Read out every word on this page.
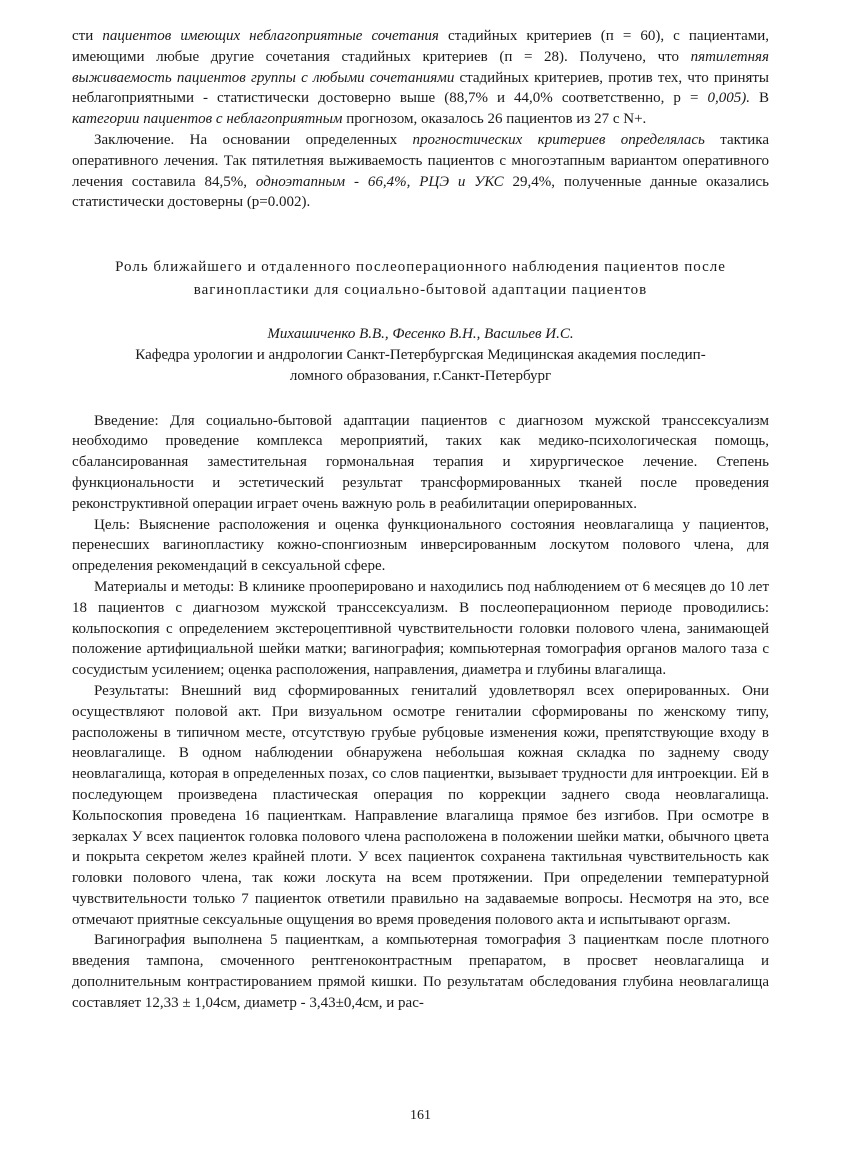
сти пациентов имеющих неблагоприятные сочетания стадийных критериев (п = 60), с пациентами, имеющими любые другие сочетания стадийных критериев (п = 28). Получено, что пятилетняя выживаемость пациентов группы с любыми сочетаниями стадийных критериев, против тех, что приняты неблагоприятными - статистически достоверно выше (88,7% и 44,0% соответственно, р = 0,005). В категории пациентов с неблагоприятным прогнозом, оказалось 26 пациентов из 27 с N+.

Заключение. На основании определенных прогностических критериев определялась тактика оперативного лечения. Так пятилетняя выживаемость пациентов с многоэтапным вариантом оперативного лечения составила 84,5%, одноэтапным - 66,4%, РЦЭ и УКС 29,4%, полученные данные оказались статистически достоверны (р=0.002).

Роль ближайшего и отдаленного послеоперационного наблюдения пациентов после
вагинопластики для социально-бытовой адаптации пациентов
Михашиченко В.В., Фесенко В.Н., Васильев И.С.
Кафедра урологии и андрологии Санкт-Петербургская Медицинская академия последип-
ломного образования, г.Санкт-Петербург

Введение: Для социально-бытовой адаптации пациентов с диагнозом мужской транссексуализм необходимо проведение комплекса мероприятий, таких как медико-психологическая помощь, сбалансированная заместительная гормональная терапия и хирургическое лечение. Степень функциональности и эстетический результат трансформированных тканей после проведения реконструктивной операции играет очень важную роль в реабилитации оперированных.

Цель: Выяснение расположения и оценка функционального состояния неовлагалища у пациентов, перенесших вагинопластику кожно-спонгиозным инверсированным лоскутом полового члена, для определения рекомендаций в сексуальной сфере.

Материалы и методы: В клинике прооперировано и находились под наблюдением от 6 месяцев до 10 лет 18 пациентов с диагнозом мужской транссексуализм. В послеоперационном периоде проводились: кольпоскопия с определением экстероцептивной чувствительности головки полового члена, занимающей положение артифициальной шейки матки; вагинография; компьютерная томография органов малого таза с сосудистым усилением; оценка расположения, направления, диаметра и глубины влагалища.

Результаты: Внешний вид сформированных гениталий удовлетворял всех оперированных. Они осуществляют половой акт. При визуальном осмотре гениталии сформированы по женскому типу, расположены в типичном месте, отсутствую грубые рубцовые изменения кожи, препятствующие входу в неовлагалище. В одном наблюдении обнаружена небольшая кожная складка по заднему своду неовлагалища, которая в определенных позах, со слов пациентки, вызывает трудности для интроекции. Ей в последующем произведена пластическая операция по коррекции заднего свода неовлагалища. Кольпоскопия проведена 16 пациенткам. Направление влагалища прямое без изгибов. При осмотре в зеркалах У всех пациенток головка полового члена расположена в положении шейки матки, обычного цвета и покрыта секретом желез крайней плоти. У всех пациенток сохранена тактильная чувствительность как головки полового члена, так кожи лоскута на всем протяжении. При определении температурной чувствительности только 7 пациенток ответили правильно на задаваемые вопросы. Несмотря на это, все отмечают приятные сексуальные ощущения во время проведения полового акта и испытывают оргазм.

Вагинография выполнена 5 пациенткам, а компьютерная томография 3 пациенткам после плотного введения тампона, смоченного рентгеноконтрастным препаратом, в просвет неовлагалища и дополнительным контрастированием прямой кишки. По результатам обследования глубина неовлагалища составляет 12,33 ± 1,04см, диаметр - 3,43±0,4см, и рас-

161
